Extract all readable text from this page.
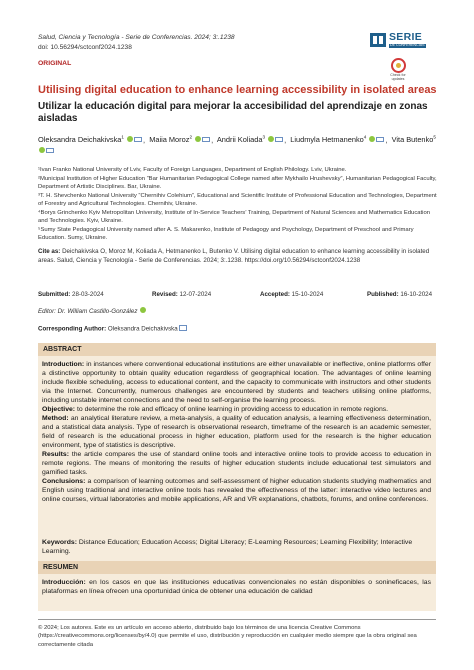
Salud, Ciencia y Tecnología - Serie de Conferencias. 2024; 3:.1238
doi: 10.56294/sctconf2024.1238
SERIE
DE CONFERENCIAS
ORIGINAL
Check for updates
Utilising digital education to enhance learning accessibility in isolated areas
Utilizar la educación digital para mejorar la accesibilidad del aprendizaje en zonas aisladas
Oleksandra Deichakivska$^1$	,  Maiia Moroz$^2$	,  Andrii Koliada$^3$	,  Liudmyla Hetmanenko$^4$	,  Vita Butenko$^5$
¹Ivan Franko National University of Lviv, Faculty of Foreign Languages, Department of English Philology. Lviv, Ukraine.
²Municipal Institution of Higher Education “Bar Humanitarian Pedagogical College named after Mykhailo Hrushevsky”, Humanitarian Pedagogical Faculty, Department of Artistic Disciplines. Bar, Ukraine.
³T. H. Shevchenko National University “Chernihiv Colehium”, Educational and Scientific Institute of Professional Education and Technologies, Department of Forestry and Agricultural Technologies. Chernihiv, Ukraine.
⁴Borys Grinchenko Kyiv Metropolitan University, Institute of In-Service Teachers’ Training, Department of Natural Sciences and Mathematics Education and Technologies. Kyiv, Ukraine.
⁵Sumy State Pedagogical University named after A. S. Makarenko, Institute of Pedagogy and Psychology, Department of Preschool and Primary Education. Sumy, Ukraine.
Cite as: Deichakivska O, Moroz M, Koliada A, Hetmanenko L, Butenko V. Utilising digital education to enhance learning accessibility in isolated areas. Salud, Ciencia y Tecnología - Serie de Conferencias. 2024; 3:.1238. https://doi.org/10.56294/sctconf2024.1238
Submitted: 28-03-2024	Revised: 12-07-2024	Accepted: 15-10-2024	Published: 16-10-2024
Editor: Dr. William Castillo-González
Corresponding Author: Oleksandra Deichakivska
ABSTRACT

Introduction: in instances where conventional educational institutions are either unavailable or ineffective, online platforms offer a distinctive opportunity to obtain quality education regardless of geographical location. The advantages of online learning include flexible scheduling, access to educational content, and the capacity to communicate with instructors and other students via the Internet. Concurrently, numerous challenges are encountered by students and teachers utilising online platforms, including unstable internet connections and the need to self-organise the learning process.

Objective: to determine the role and efficacy of online learning in providing access to education in remote regions.

Method: an analytical literature review, a meta-analysis, a quality of education analysis, a learning effectiveness determination, and a statistical data analysis. Type of research is observational research, timeframe of the research is an academic semester, field of research is the educational process in higher education, platform used for the research is the higher education environment, type of statistics is descriptive.

Results: the article compares the use of standard online tools and interactive online tools to provide access to education in remote regions. The means of monitoring the results of higher education students include educational test simulators and gamified tasks.

Conclusions: a comparison of learning outcomes and self-assessment of higher education students studying mathematics and English using traditional and interactive online tools has revealed the effectiveness of the latter: interactive video lectures and online courses, virtual laboratories and mobile applications, AR and VR explanations, chatbots, forums, and online conferences.

Keywords: Distance Education; Education Access; Digital Literacy; E-Learning Resources; Learning Flexibility; Interactive Learning.
RESUMEN
Introducción: en los casos en que las instituciones educativas convencionales no están disponibles o sonineficaces, las plataformas en línea ofrecen una oportunidad única de obtener una educación de calidad
© 2024; Los autores. Este es un artículo en acceso abierto, distribuido bajo los términos de una licencia Creative Commons (https://creativecommons.org/licenses/by/4.0) que permite el uso, distribución y reproducción en cualquier medio siempre que la obra original sea correctamente citada
